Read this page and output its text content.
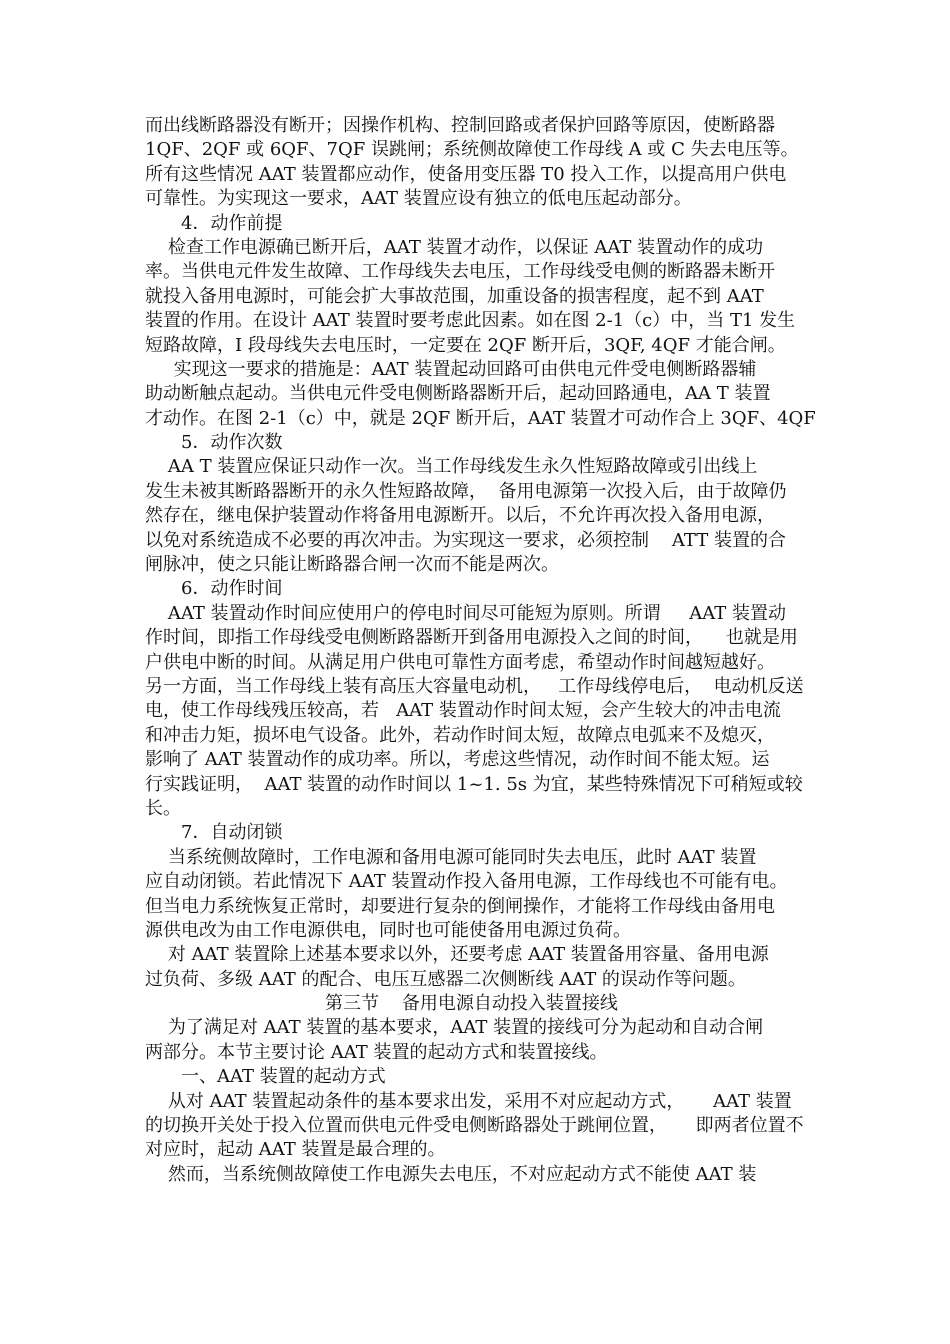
而出线断路器没有断开；因操作机构、控制回路或者保护回路等原因，使断路器
1QF、2QF 或 6QF、7QF 误跳闸；系统侧故障使工作母线 A 或 C 失去电压等。
所有这些情况 AAT 装置都应动作，使备用变压器 T0 投入工作，以提高用户供电
可靠性。为实现这一要求，AAT 装置应设有独立的低电压起动部分。
4．动作前提
检查工作电源确已断开后，AAT 装置才动作，以保证 AAT 装置动作的成功
率。当供电元件发生故障、工作母线失去电压，工作母线受电侧的断路器未断开
就投入备用电源时，可能会扩大事故范围，加重设备的损害程度，起不到 AAT
装置的作用。在设计 AAT 装置时要考虑此因素。如在图 2-1（c）中，当 T1 发生
短路故障，I 段母线失去电压时，一定要在 2QF 断开后，3QF, 4QF 才能合闸。
实现这一要求的措施是：AAT 装置起动回路可由供电元件受电侧断路器辅
助动断触点起动。当供电元件受电侧断路器断开后，起动回路通电，AA T 装置
才动作。在图 2-1（c）中，就是 2QF 断开后，AAT 装置才可动作合上 3QF、4QF
5．动作次数
AA T 装置应保证只动作一次。当工作母线发生永久性短路故障或引出线上
发生未被其断路器断开的永久性短路故障，  备用电源第一次投入后，由于故障仍
然存在，继电保护装置动作将备用电源断开。以后，不允许再次投入备用电源，
以免对系统造成不必要的再次冲击。为实现这一要求，必须控制    ATT 装置的合
闸脉冲，使之只能让断路器合闸一次而不能是两次。
6．动作时间
AAT 装置动作时间应使用户的停电时间尽可能短为原则。所谓     AAT 装置动
作时间，即指工作母线受电侧断路器断开到备用电源投入之间的时间，    也就是用
户供电中断的时间。从满足用户供电可靠性方面考虑，希望动作时间越短越好。
另一方面，当工作母线上装有高压大容量电动机，   工作母线停电后，  电动机反送
电，使工作母线残压较高，若   AAT 装置动作时间太短，会产生较大的冲击电流
和冲击力矩，损坏电气设备。此外，若动作时间太短，故障点电弧来不及熄灭，
影响了 AAT 装置动作的成功率。所以，考虑这些情况，动作时间不能太短。运
行实践证明，  AAT 装置的动作时间以 1~1. 5s 为宜，某些特殊情况下可稍短或较
长。
7．自动闭锁
当系统侧故障时，工作电源和备用电源可能同时失去电压，此时 AAT 装置
应自动闭锁。若此情况下 AAT 装置动作投入备用电源，工作母线也不可能有电。
但当电力系统恢复正常时，却要进行复杂的倒闸操作，才能将工作母线由备用电
源供电改为由工作电源供电，同时也可能使备用电源过负荷。
对 AAT 装置除上述基本要求以外，还要考虑 AAT 装置备用容量、备用电源
过负荷、多级 AAT 的配合、电压互感器二次侧断线 AAT 的误动作等问题。
第三节    备用电源自动投入装置接线
为了满足对 AAT 装置的基本要求，AAT 装置的接线可分为起动和自动合闸
两部分。本节主要讨论 AAT 装置的起动方式和装置接线。
一、AAT 装置的起动方式
从对 AAT 装置起动条件的基本要求出发，采用不对应起动方式，     AAT 装置
的切换开关处于投入位置而供电元件受电侧断路器处于跳闸位置，     即两者位置不
对应时，起动 AAT 装置是最合理的。
然而，当系统侧故障使工作电源失去电压，不对应起动方式不能使 AAT 装
